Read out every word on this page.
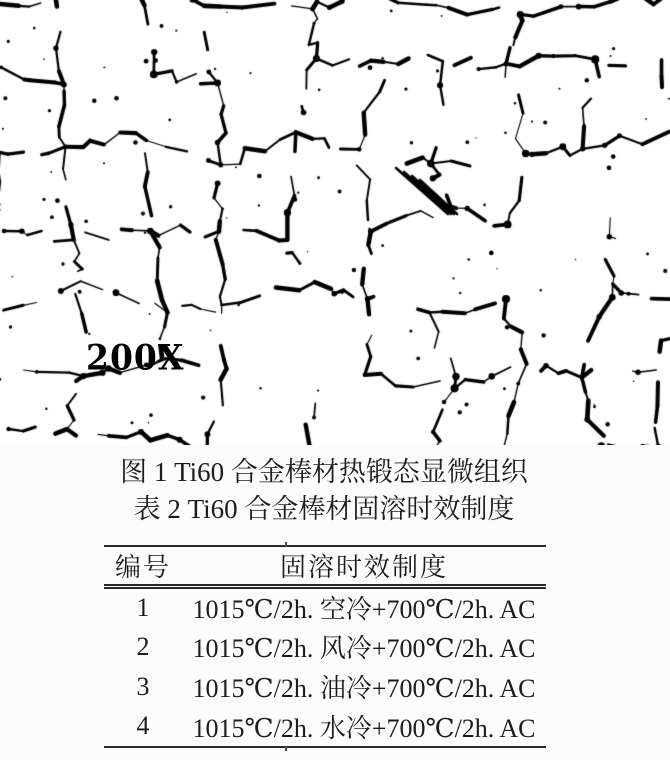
200X
图 1 Ti60 合金棒材热锻态显微组织
表 2 Ti60 合金棒材固溶时效制度
编号	固溶时效制度
1	1015℃/2h. 空冷+700℃/2h. AC
2	1015℃/2h. 风冷+700℃/2h. AC
3	1015℃/2h. 油冷+700℃/2h. AC
4	1015℃/2h. 水冷+700℃/2h. AC
